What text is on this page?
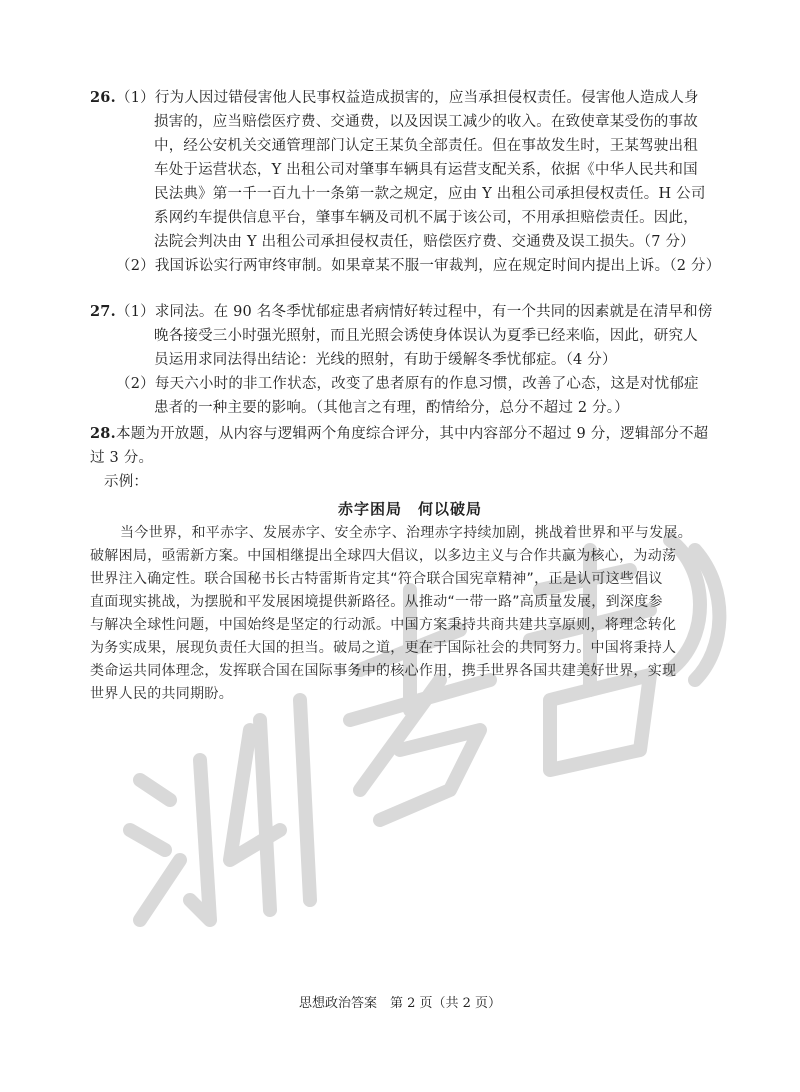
26. （1）行为人因过错侵害他人民事权益造成损害的，应当承担侵权责任。侵害他人造成人身
损害的，应当赔偿医疗费、交通费，以及因误工减少的收入。在致使章某受伤的事故
中，经公安机关交通管理部门认定王某负全部责任。但在事故发生时，王某驾驶出租
车处于运营状态，Y 出租公司对肇事车辆具有运营支配关系，依据《中华人民共和国
民法典》第一千一百九十一条第一款之规定，应由 Y 出租公司承担侵权责任。H 公司
系网约车提供信息平台，肇事车辆及司机不属于该公司，不用承担赔偿责任。因此，
法院会判决由 Y 出租公司承担侵权责任，赔偿医疗费、交通费及误工损失。（7 分）
（2）我国诉讼实行两审终审制。如果章某不服一审裁判，应在规定时间内提出上诉。（2 分）
27. （1）求同法。在 90 名冬季忧郁症患者病情好转过程中，有一个共同的因素就是在清早和傍
晚各接受三小时强光照射，而且光照会诱使身体误认为夏季已经来临，因此，研究人
员运用求同法得出结论：光线的照射，有助于缓解冬季忧郁症。（4 分）
（2）每天六小时的非工作状态，改变了患者原有的作息习惯，改善了心态，这是对忧郁症
患者的一种主要的影响。（其他言之有理，酌情给分，总分不超过 2 分。）
28. 本题为开放题，从内容与逻辑两个角度综合评分，其中内容部分不超过 9 分，逻辑部分不超
过 3 分。
示例：
赤字困局　何以破局
当今世界，和平赤字、发展赤字、安全赤字、治理赤字持续加剧，挑战着世界和平与发展。
破解困局，亟需新方案。中国相继提出全球四大倡议，以多边主义与合作共赢为核心，为动荡
世界注入确定性。联合国秘书长古特雷斯肯定其“符合联合国宪章精神”，正是认可这些倡议
直面现实挑战，为摆脱和平发展困境提供新路径。从推动“一带一路”高质量发展，到深度参
与解决全球性问题，中国始终是坚定的行动派。中国方案秉持共商共建共享原则，将理念转化
为务实成果，展现负责任大国的担当。破局之道，更在于国际社会的共同努力。中国将秉持人
类命运共同体理念，发挥联合国在国际事务中的核心作用，携手世界各国共建美好世界，实现
世界人民的共同期盼。
思想政治答案　第 2 页（共 2 页）
